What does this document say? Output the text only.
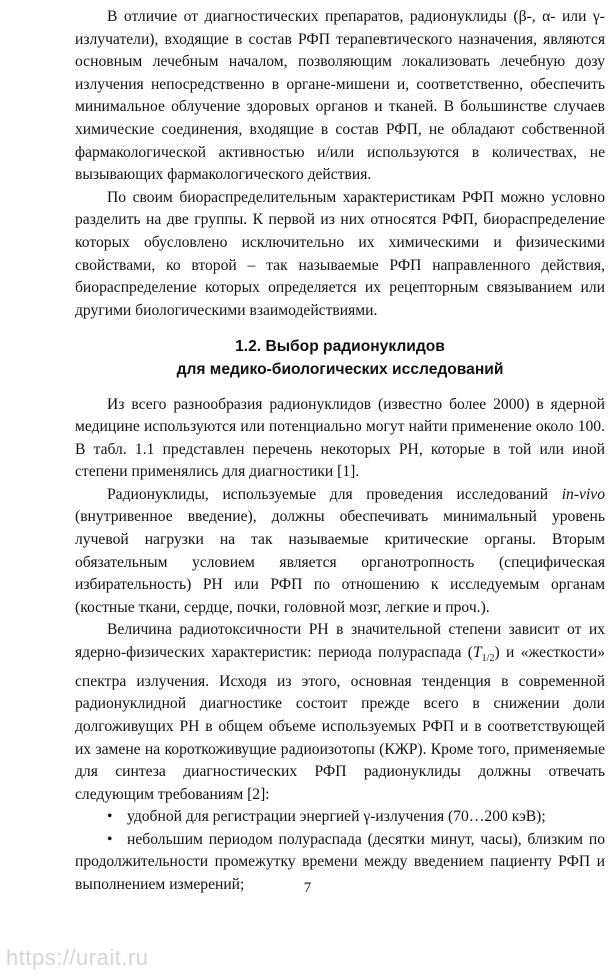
В отличие от диагностических препаратов, радионуклиды (β-, α- или γ-излучатели), входящие в состав РФП терапевтического назначения, являются основным лечебным началом, позволяющим локализовать лечебную дозу излучения непосредственно в органе-мишени и, соответственно, обеспечить минимальное облучение здоровых органов и тканей. В большинстве случаев химические соединения, входящие в состав РФП, не обладают собственной фармакологической активностью и/или используются в количествах, не вызывающих фармакологического действия.

По своим биораспределительным характеристикам РФП можно условно разделить на две группы. К первой из них относятся РФП, биораспределение которых обусловлено исключительно их химическими и физическими свойствами, ко второй – так называемые РФП направленного действия, биораспределение которых определяется их рецепторным связыванием или другими биологическими взаимодействиями.

1.2. Выбор радионуклидов
для медико-биологических исследований

Из всего разнообразия радионуклидов (известно более 2000) в ядерной медицине используются или потенциально могут найти применение около 100. В табл. 1.1 представлен перечень некоторых РН, которые в той или иной степени применялись для диагностики [1].

Радионуклиды, используемые для проведения исследований in-vivo (внутривенное введение), должны обеспечивать минимальный уровень лучевой нагрузки на так называемые критические органы. Вторым обязательным условием является органотропность (специфическая избирательность) РН или РФП по отношению к исследуемым органам (костные ткани, сердце, почки, головной мозг, легкие и проч.).

Величина радиотоксичности РН в значительной степени зависит от их ядерно-физических характеристик: периода полураспада $(T_{1/2})$ и «жесткости» спектра излучения. Исходя из этого, основная тенденция в современной радионуклидной диагностике состоит прежде всего в снижении доли долгоживущих РН в общем объеме используемых РФП и в соответствующей их замене на короткоживущие радиоизотопы (КЖР). Кроме того, применяемые для синтеза диагностических РФП радионуклиды должны отвечать следующим требованиям [2]:

• удобной для регистрации энергией γ-излучения (70…200 кэВ);

• небольшим периодом полураспада (десятки минут, часы), близким по продолжительности промежутку времени между введением пациенту РФП и выполнением измерений;	7
https://urait.ru
